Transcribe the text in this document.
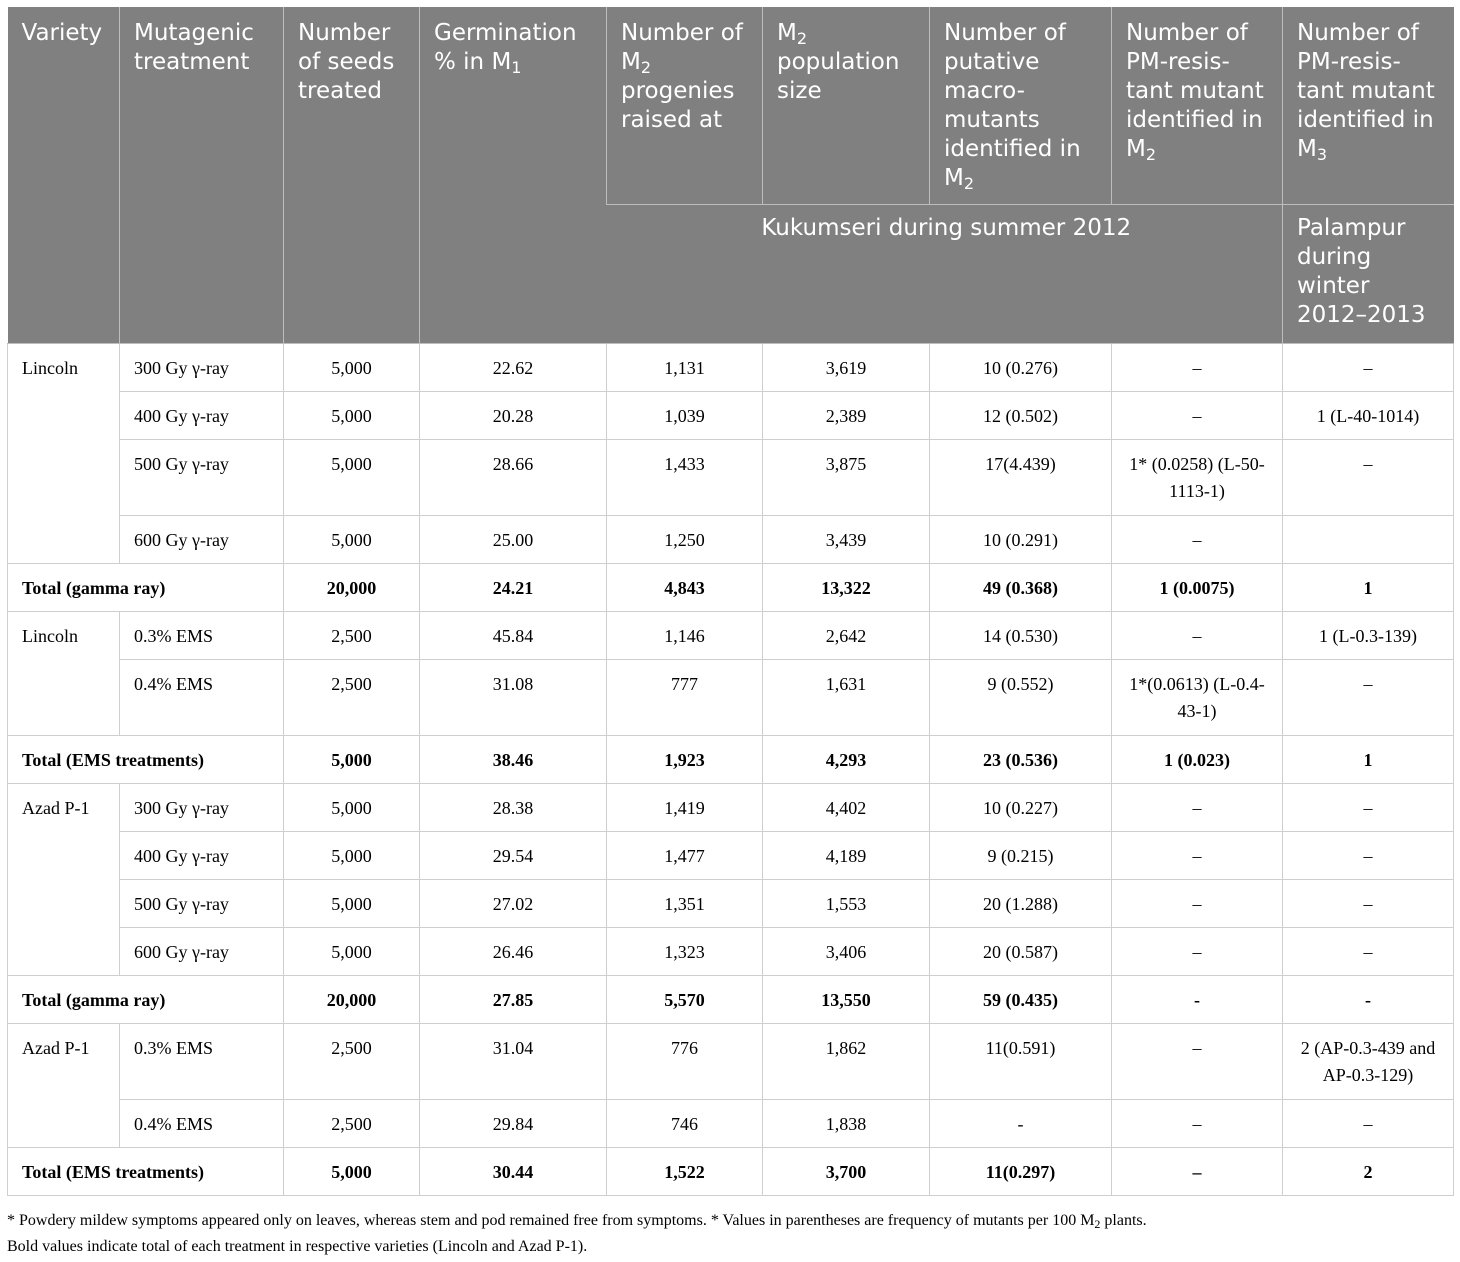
Variety	Mutagenic treatment	Number of seeds treated	Germination % in $M_1$	Number of $M_2$ progenies raised at	$M_2$ population size	Number of putative macro-mutants identified in $M_2$	Number of PM-resis-tant mutant identified in $M_2$	Number of PM-resis-tant mutant identified in $M_3$
				Kukumseri during summer 2012				Palampur during winter 2012–2013
Lincoln	300 Gy γ-ray	5,000	22.62	1,131	3,619	10 (0.276)	–	–
	400 Gy γ-ray	5,000	20.28	1,039	2,389	12 (0.502)	–	1 (L-40-1014)
	500 Gy γ-ray	5,000	28.66	1,433	3,875	17(4.439)	1* (0.0258) (L-50-1113-1)	–
	600 Gy γ-ray	5,000	25.00	1,250	3,439	10 (0.291)	–	
Total (gamma ray)		20,000	24.21	4,843	13,322	49 (0.368)	1 (0.0075)	1
Lincoln	0.3% EMS	2,500	45.84	1,146	2,642	14 (0.530)	–	1 (L-0.3-139)
	0.4% EMS	2,500	31.08	777	1,631	9 (0.552)	1*(0.0613) (L-0.4-43-1)	–
Total (EMS treatments)		5,000	38.46	1,923	4,293	23 (0.536)	1 (0.023)	1
Azad P-1	300 Gy γ-ray	5,000	28.38	1,419	4,402	10 (0.227)	–	–
	400 Gy γ-ray	5,000	29.54	1,477	4,189	9 (0.215)	–	–
	500 Gy γ-ray	5,000	27.02	1,351	1,553	20 (1.288)	–	–
	600 Gy γ-ray	5,000	26.46	1,323	3,406	20 (0.587)	–	–
Total (gamma ray)		20,000	27.85	5,570	13,550	59 (0.435)	-	-
Azad P-1	0.3% EMS	2,500	31.04	776	1,862	11(0.591)	–	2 (AP-0.3-439 and AP-0.3-129)
	0.4% EMS	2,500	29.84	746	1,838	-	–	–
Total (EMS treatments)		5,000	30.44	1,522	3,700	11(0.297)	–	2
* Powdery mildew symptoms appeared only on leaves, whereas stem and pod remained free from symptoms. * Values in parentheses are frequency of mutants per 100 $M_2$ plants.
Bold values indicate total of each treatment in respective varieties (Lincoln and Azad P-1).
